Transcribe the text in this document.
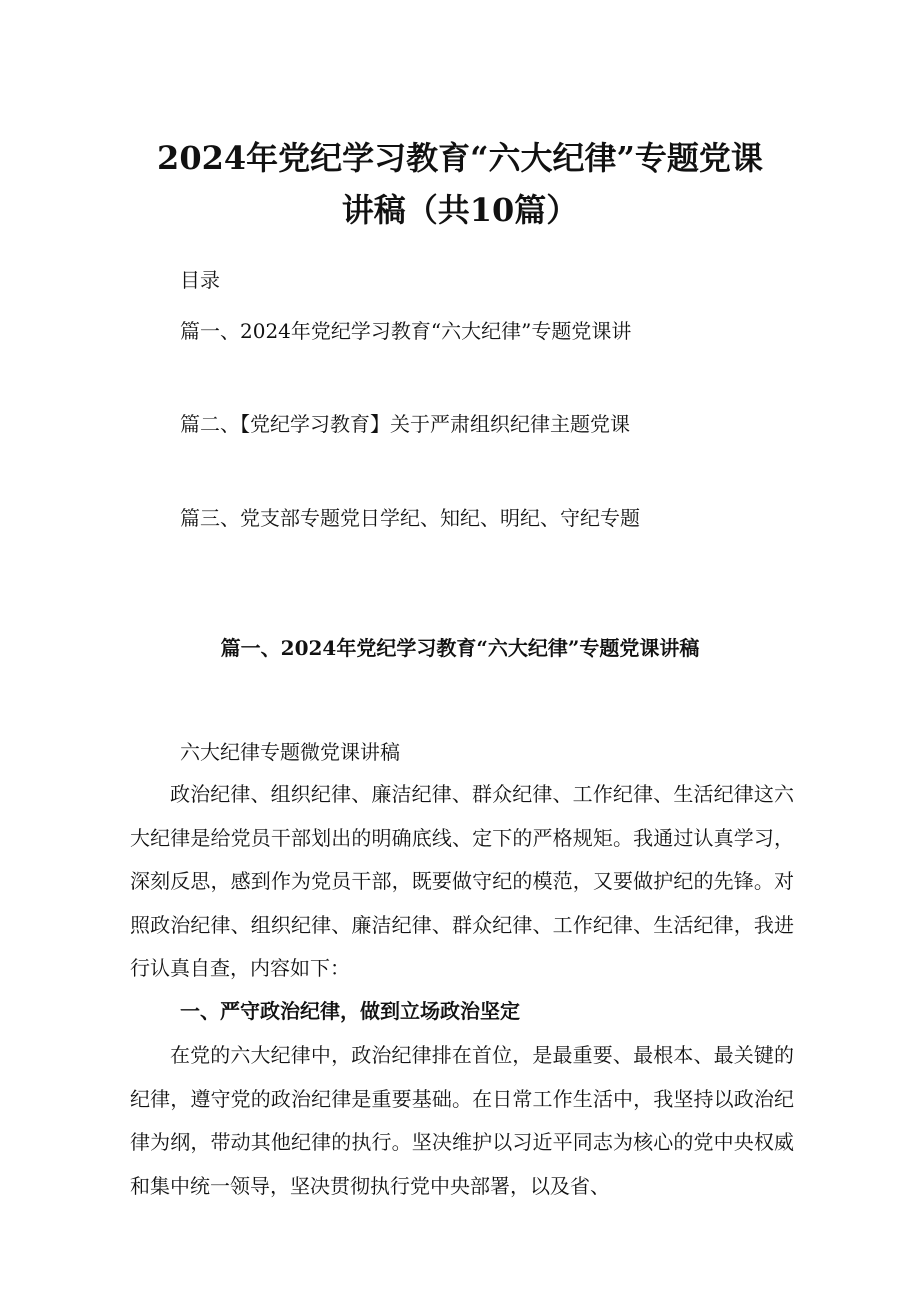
2024年党纪学习教育“六大纪律”专题党课
讲稿（共10篇）
目录
篇一、2024年党纪学习教育“六大纪律”专题党课讲
篇二、【党纪学习教育】关于严肃组织纪律主题党课
篇三、党支部专题党日学纪、知纪、明纪、守纪专题
篇一、2024年党纪学习教育“六大纪律”专题党课讲稿
六大纪律专题微党课讲稿

政治纪律、组织纪律、廉洁纪律、群众纪律、工作纪律、生活纪律这六大纪律是给党员干部划出的明确底线、定下的严格规矩。我通过认真学习，深刻反思，感到作为党员干部，既要做守纪的模范，又要做护纪的先锋。对照政治纪律、组织纪律、廉洁纪律、群众纪律、工作纪律、生活纪律，我进行认真自查，内容如下：

一、严守政治纪律，做到立场政治坚定

在党的六大纪律中，政治纪律排在首位，是最重要、最根本、最关键的纪律，遵守党的政治纪律是重要基础。在日常工作生活中，我坚持以政治纪律为纲，带动其他纪律的执行。坚决维护以习近平同志为核心的党中央权威和集中统一领导，坚决贯彻执行党中央部署，以及省、
